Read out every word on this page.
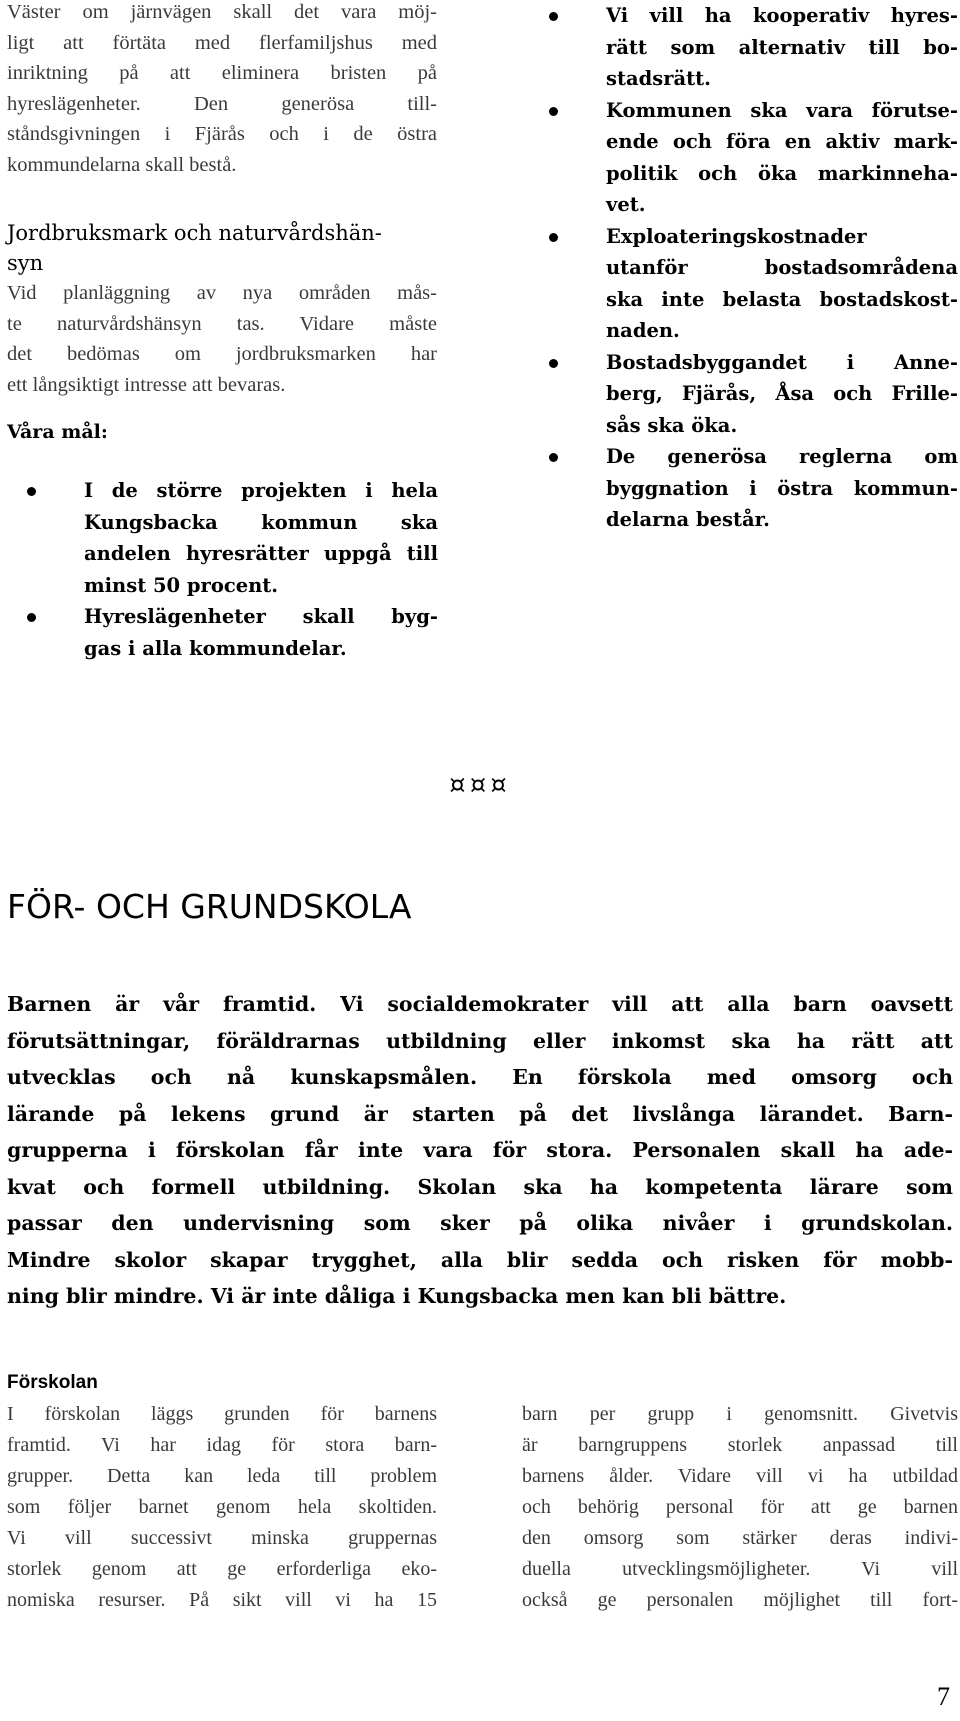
Väster om järnvägen skall det vara möj-
ligt att förtäta med flerfamiljshus med
inriktning på att eliminera bristen på
hyreslägenheter. Den generösa till-
ståndsgivningen i Fjärås och i de östra
kommundelarna skall bestå.
Jordbruksmark och naturvårdshän-
syn
Vid planläggning av nya områden mås-
te naturvårdshänsyn tas. Vidare måste
det bedömas om jordbruksmarken har
ett långsiktigt intresse att bevaras.
Våra mål:
I de större projekten i hela
Kungsbacka kommun ska
andelen hyresrätter uppgå till
minst 50 procent.
Hyreslägenheter skall byg-
gas i alla kommundelar.
Vi vill ha kooperativ hyres-
rätt som alternativ till bo-
stadsrätt.
Kommunen ska vara förutse-
ende och föra en aktiv mark-
politik och öka markinneha-
vet.
Exploateringskostnader
utanför bostadsområdena
ska inte belasta bostadskost-
naden.
Bostadsbyggandet i Anne-
berg, Fjärås, Åsa och Frille-
sås ska öka.
De generösa reglerna om
byggnation i östra kommun-
delarna består.
¤¤¤
FÖR- OCH GRUNDSKOLA
Barnen är vår framtid. Vi socialdemokrater vill att alla barn oavsett
förutsättningar, föräldrarnas utbildning eller inkomst ska ha rätt att
utvecklas och nå kunskapsmålen. En förskola med omsorg och
lärande på lekens grund är starten på det livslånga lärandet. Barn-
grupperna i förskolan får inte vara för stora. Personalen skall ha ade-
kvat och formell utbildning. Skolan ska ha kompetenta lärare som
passar den undervisning som sker på olika nivåer i grundskolan.
Mindre skolor skapar trygghet, alla blir sedda och risken för mobb-
ning blir mindre. Vi är inte dåliga i Kungsbacka men kan bli bättre.
Förskolan
I förskolan läggs grunden för barnens
framtid. Vi har idag för stora barn-
grupper. Detta kan leda till problem
som följer barnet genom hela skoltiden.
Vi vill successivt minska gruppernas
storlek genom att ge erforderliga eko-
nomiska resurser. På sikt vill vi ha 15
barn per grupp i genomsnitt. Givetvis
är barngruppens storlek anpassad till
barnens ålder. Vidare vill vi ha utbildad
och behörig personal för att ge barnen
den omsorg som stärker deras indivi-
duella utvecklingsmöjligheter. Vi vill
också ge personalen möjlighet till fort-
7
